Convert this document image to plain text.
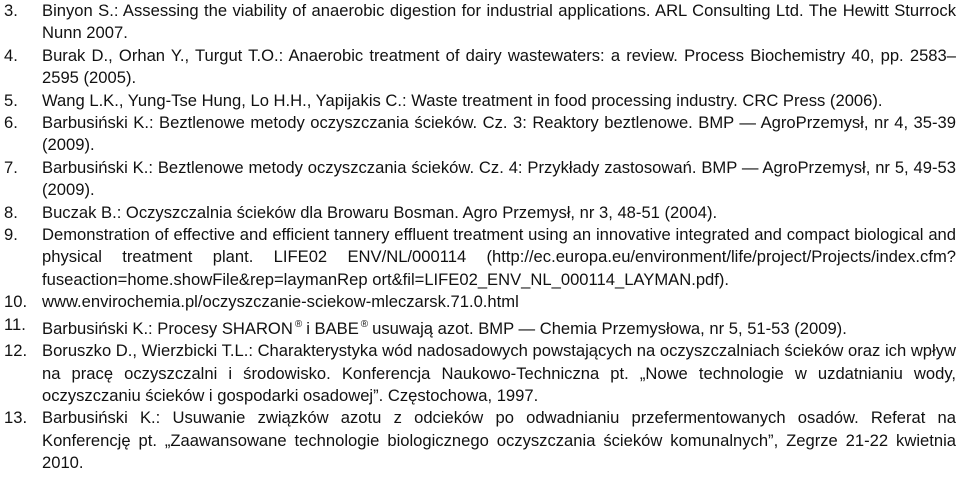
3. Binyon S.: Assessing the viability of anaerobic digestion for industrial applications. ARL Consulting Ltd. The Hewitt Sturrock Nunn 2007.
4. Burak D., Orhan Y., Turgut T.O.: Anaerobic treatment of dairy wastewaters: a review. Process Biochemistry 40, pp. 2583–2595 (2005).
5. Wang L.K., Yung-Tse Hung, Lo H.H., Yapijakis C.: Waste treatment in food processing industry. CRC Press (2006).
6. Barbusiński K.: Beztlenowe metody oczyszczania ścieków. Cz. 3: Reaktory beztlenowe. BMP — AgroPrzemysł, nr 4, 35-39 (2009).
7. Barbusiński K.: Beztlenowe metody oczyszczania ścieków. Cz. 4: Przykłady zastosowań. BMP — AgroPrzemysł, nr 5, 49-53 (2009).
8. Buczak B.: Oczyszczalnia ścieków dla Browaru Bosman. Agro Przemysł, nr 3, 48-51 (2004).
9. Demonstration of effective and efficient tannery effluent treatment using an innovative integrated and compact biological and physical treatment plant. LIFE02 ENV/NL/000114 (http://ec.europa.eu/environment/life/project/Projects/index.cfm?fuseaction=home.showFile&rep=laymanRep ort&fil=LIFE02_ENV_NL_000114_LAYMAN.pdf).
10. www.envirochemia.pl/oczyszczanie-sciekow-mleczarsk.71.0.html
11. Barbusiński K.: Procesy SHARON ® i BABE ® usuwają azot. BMP — Chemia Przemysłowa, nr 5, 51-53 (2009).
12. Boruszko D., Wierzbicki T.L.: Charakterystyka wód nadosadowych powstających na oczyszczalniach ścieków oraz ich wpływ na pracę oczyszczalni i środowisko. Konferencja Naukowo-Techniczna pt. „Nowe technologie w uzdatnianiu wody, oczyszczaniu ścieków i gospodarki osadowej”. Częstochowa, 1997.
13. Barbusiński K.: Usuwanie związków azotu z odcieków po odwadnianiu przefermentowanych osadów. Referat na Konferencję pt. „Zaawansowane technologie biologicznego oczyszczania ścieków komunalnych”, Zegrze 21-22 kwietnia 2010.
